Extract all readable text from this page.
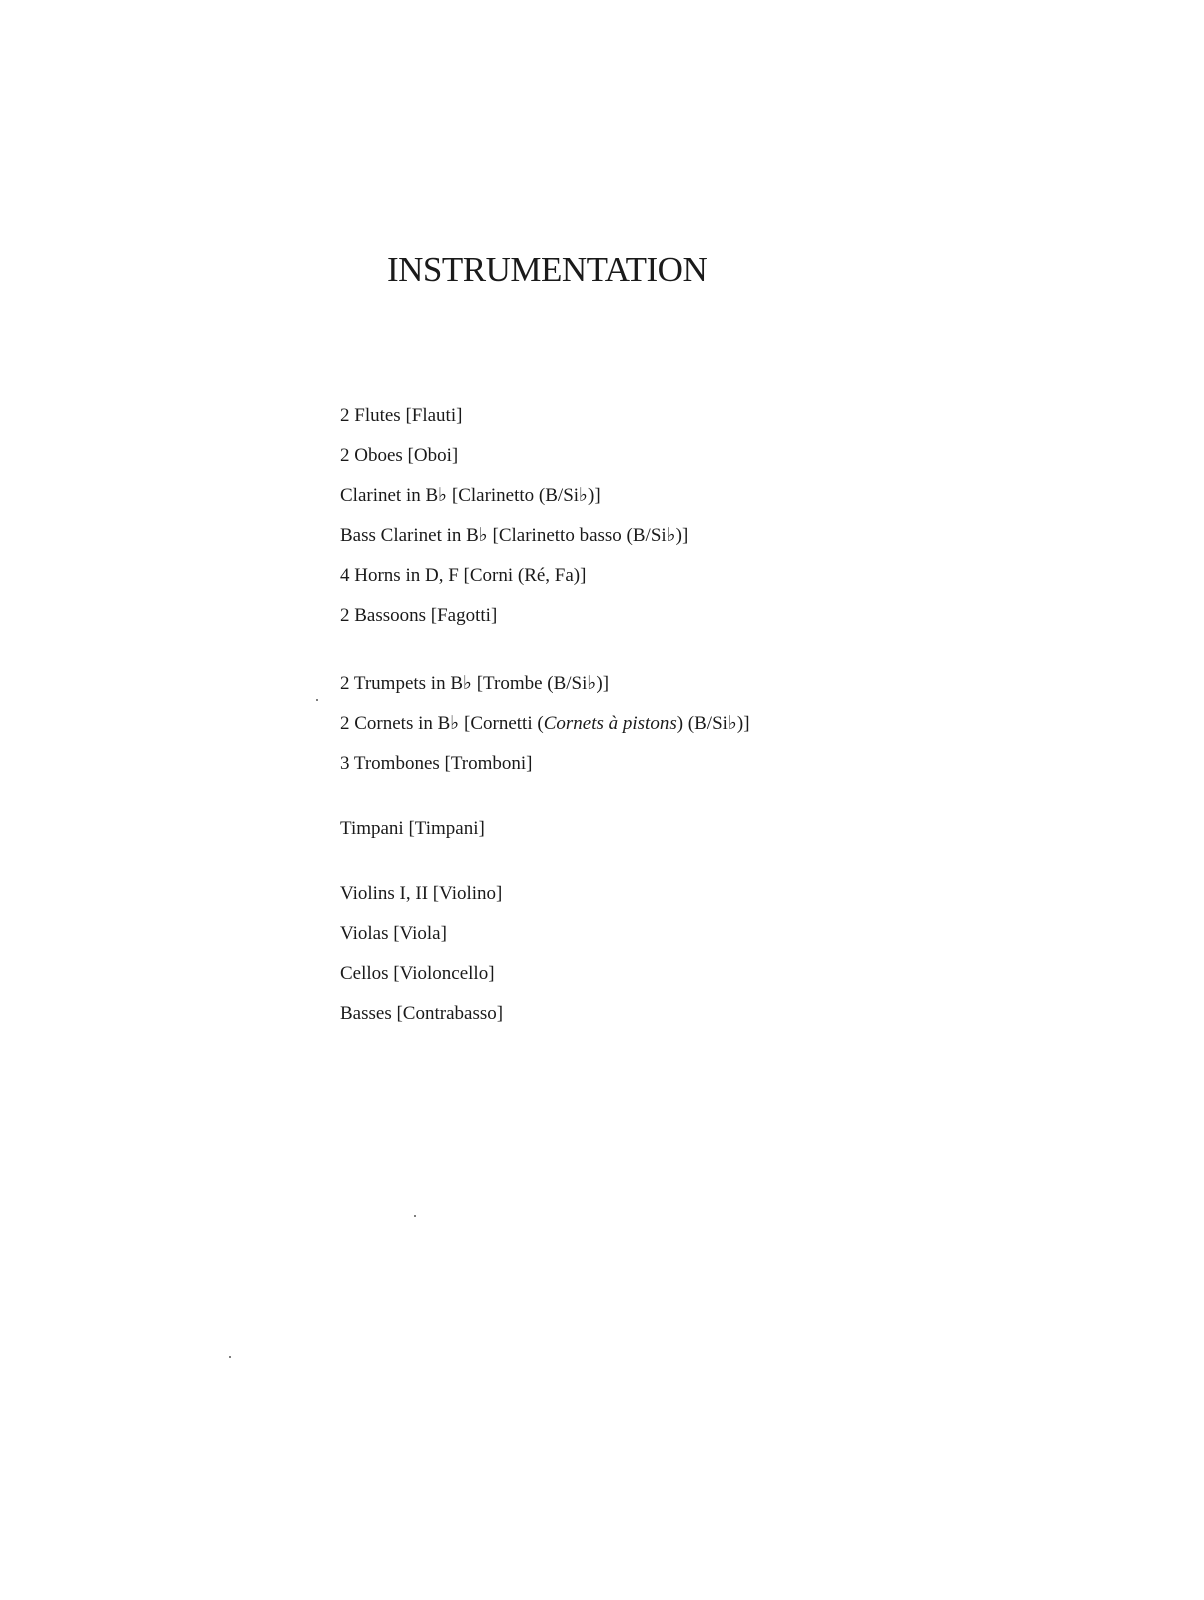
INSTRUMENTATION
2 Flutes [Flauti]
2 Oboes [Oboi]
Clarinet in B♭ [Clarinetto (B/Si♭)]
Bass Clarinet in B♭ [Clarinetto basso (B/Si♭)]
4 Horns in D, F [Corni (Ré, Fa)]
2 Bassoons [Fagotti]
2 Trumpets in B♭ [Trombe (B/Si♭)]
2 Cornets in B♭ [Cornetti (Cornets à pistons) (B/Si♭)]
3 Trombones [Tromboni]
Timpani [Timpani]
Violins I, II [Violino]
Violas [Viola]
Cellos [Violoncello]
Basses [Contrabasso]
